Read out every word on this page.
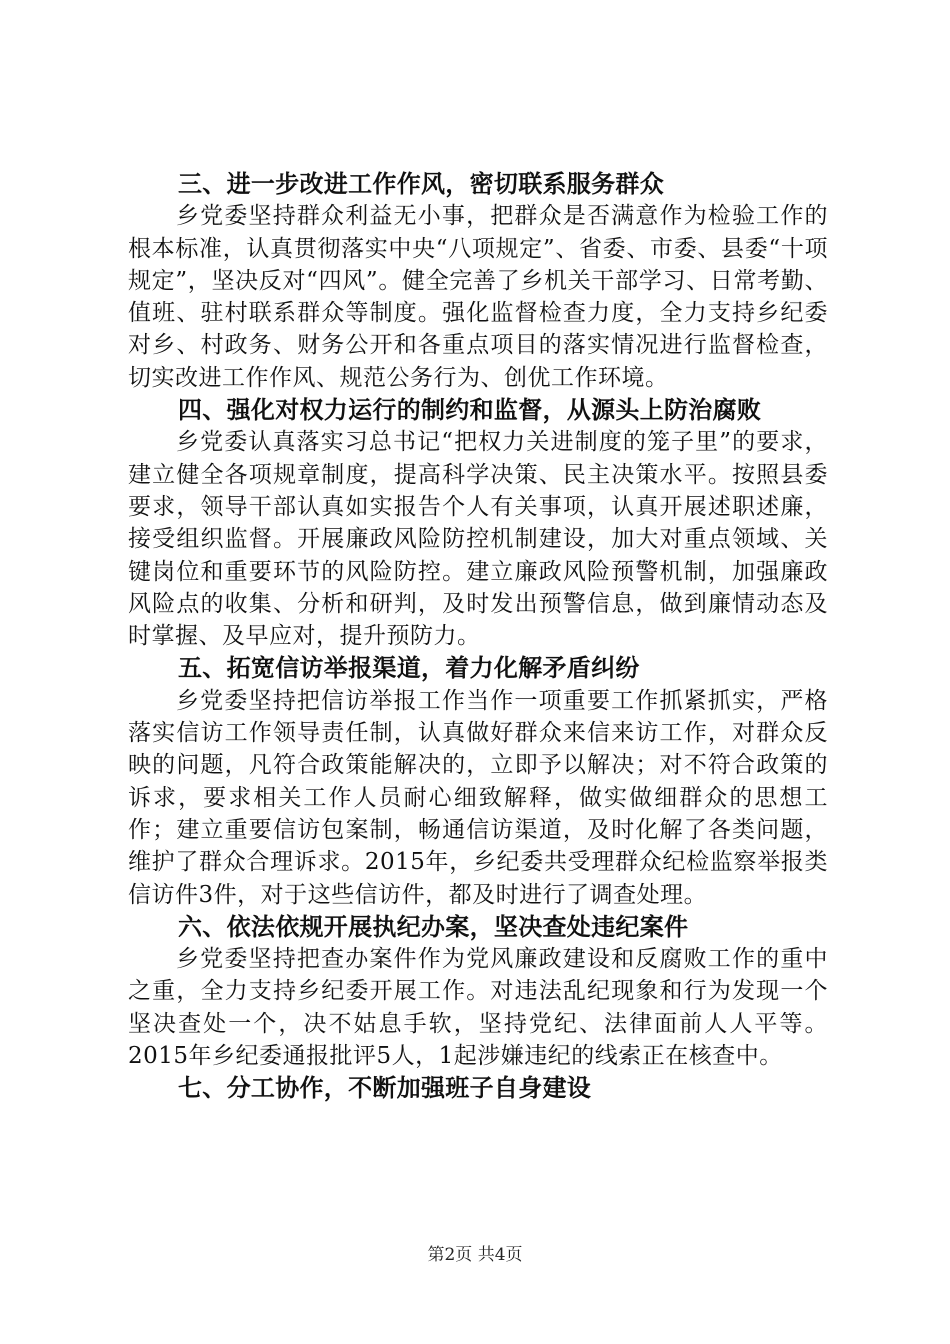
三、进一步改进工作作风，密切联系服务群众

乡党委坚持群众利益无小事，把群众是否满意作为检验工作的根本标准，认真贯彻落实中央“八项规定”、省委、市委、县委“十项规定”，坚决反对“四风”。健全完善了乡机关干部学习、日常考勤、值班、驻村联系群众等制度。强化监督检查力度，全力支持乡纪委对乡、村政务、财务公开和各重点项目的落实情况进行监督检查，切实改进工作作风、规范公务行为、创优工作环境。

四、强化对权力运行的制约和监督，从源头上防治腐败

乡党委认真落实习总书记“把权力关进制度的笼子里”的要求，建立健全各项规章制度，提高科学决策、民主决策水平。按照县委要求，领导干部认真如实报告个人有关事项，认真开展述职述廉，接受组织监督。开展廉政风险防控机制建设，加大对重点领域、关键岗位和重要环节的风险防控。建立廉政风险预警机制，加强廉政风险点的收集、分析和研判，及时发出预警信息，做到廉情动态及时掌握、及早应对，提升预防力。

五、拓宽信访举报渠道，着力化解矛盾纠纷

乡党委坚持把信访举报工作当作一项重要工作抓紧抓实，严格落实信访工作领导责任制，认真做好群众来信来访工作，对群众反映的问题，凡符合政策能解决的，立即予以解决；对不符合政策的诉求，要求相关工作人员耐心细致解释，做实做细群众的思想工作；建立重要信访包案制，畅通信访渠道，及时化解了各类问题，维护了群众合理诉求。2015年，乡纪委共受理群众纪检监察举报类信访件3件，对于这些信访件，都及时进行了调查处理。

六、依法依规开展执纪办案，坚决查处违纪案件

乡党委坚持把查办案件作为党风廉政建设和反腐败工作的重中之重，全力支持乡纪委开展工作。对违法乱纪现象和行为发现一个坚决查处一个，决不姑息手软，坚持党纪、法律面前人人平等。2015年乡纪委通报批评5人，1起涉嫌违纪的线索正在核查中。

七、分工协作，不断加强班子自身建设
第2页 共4页
